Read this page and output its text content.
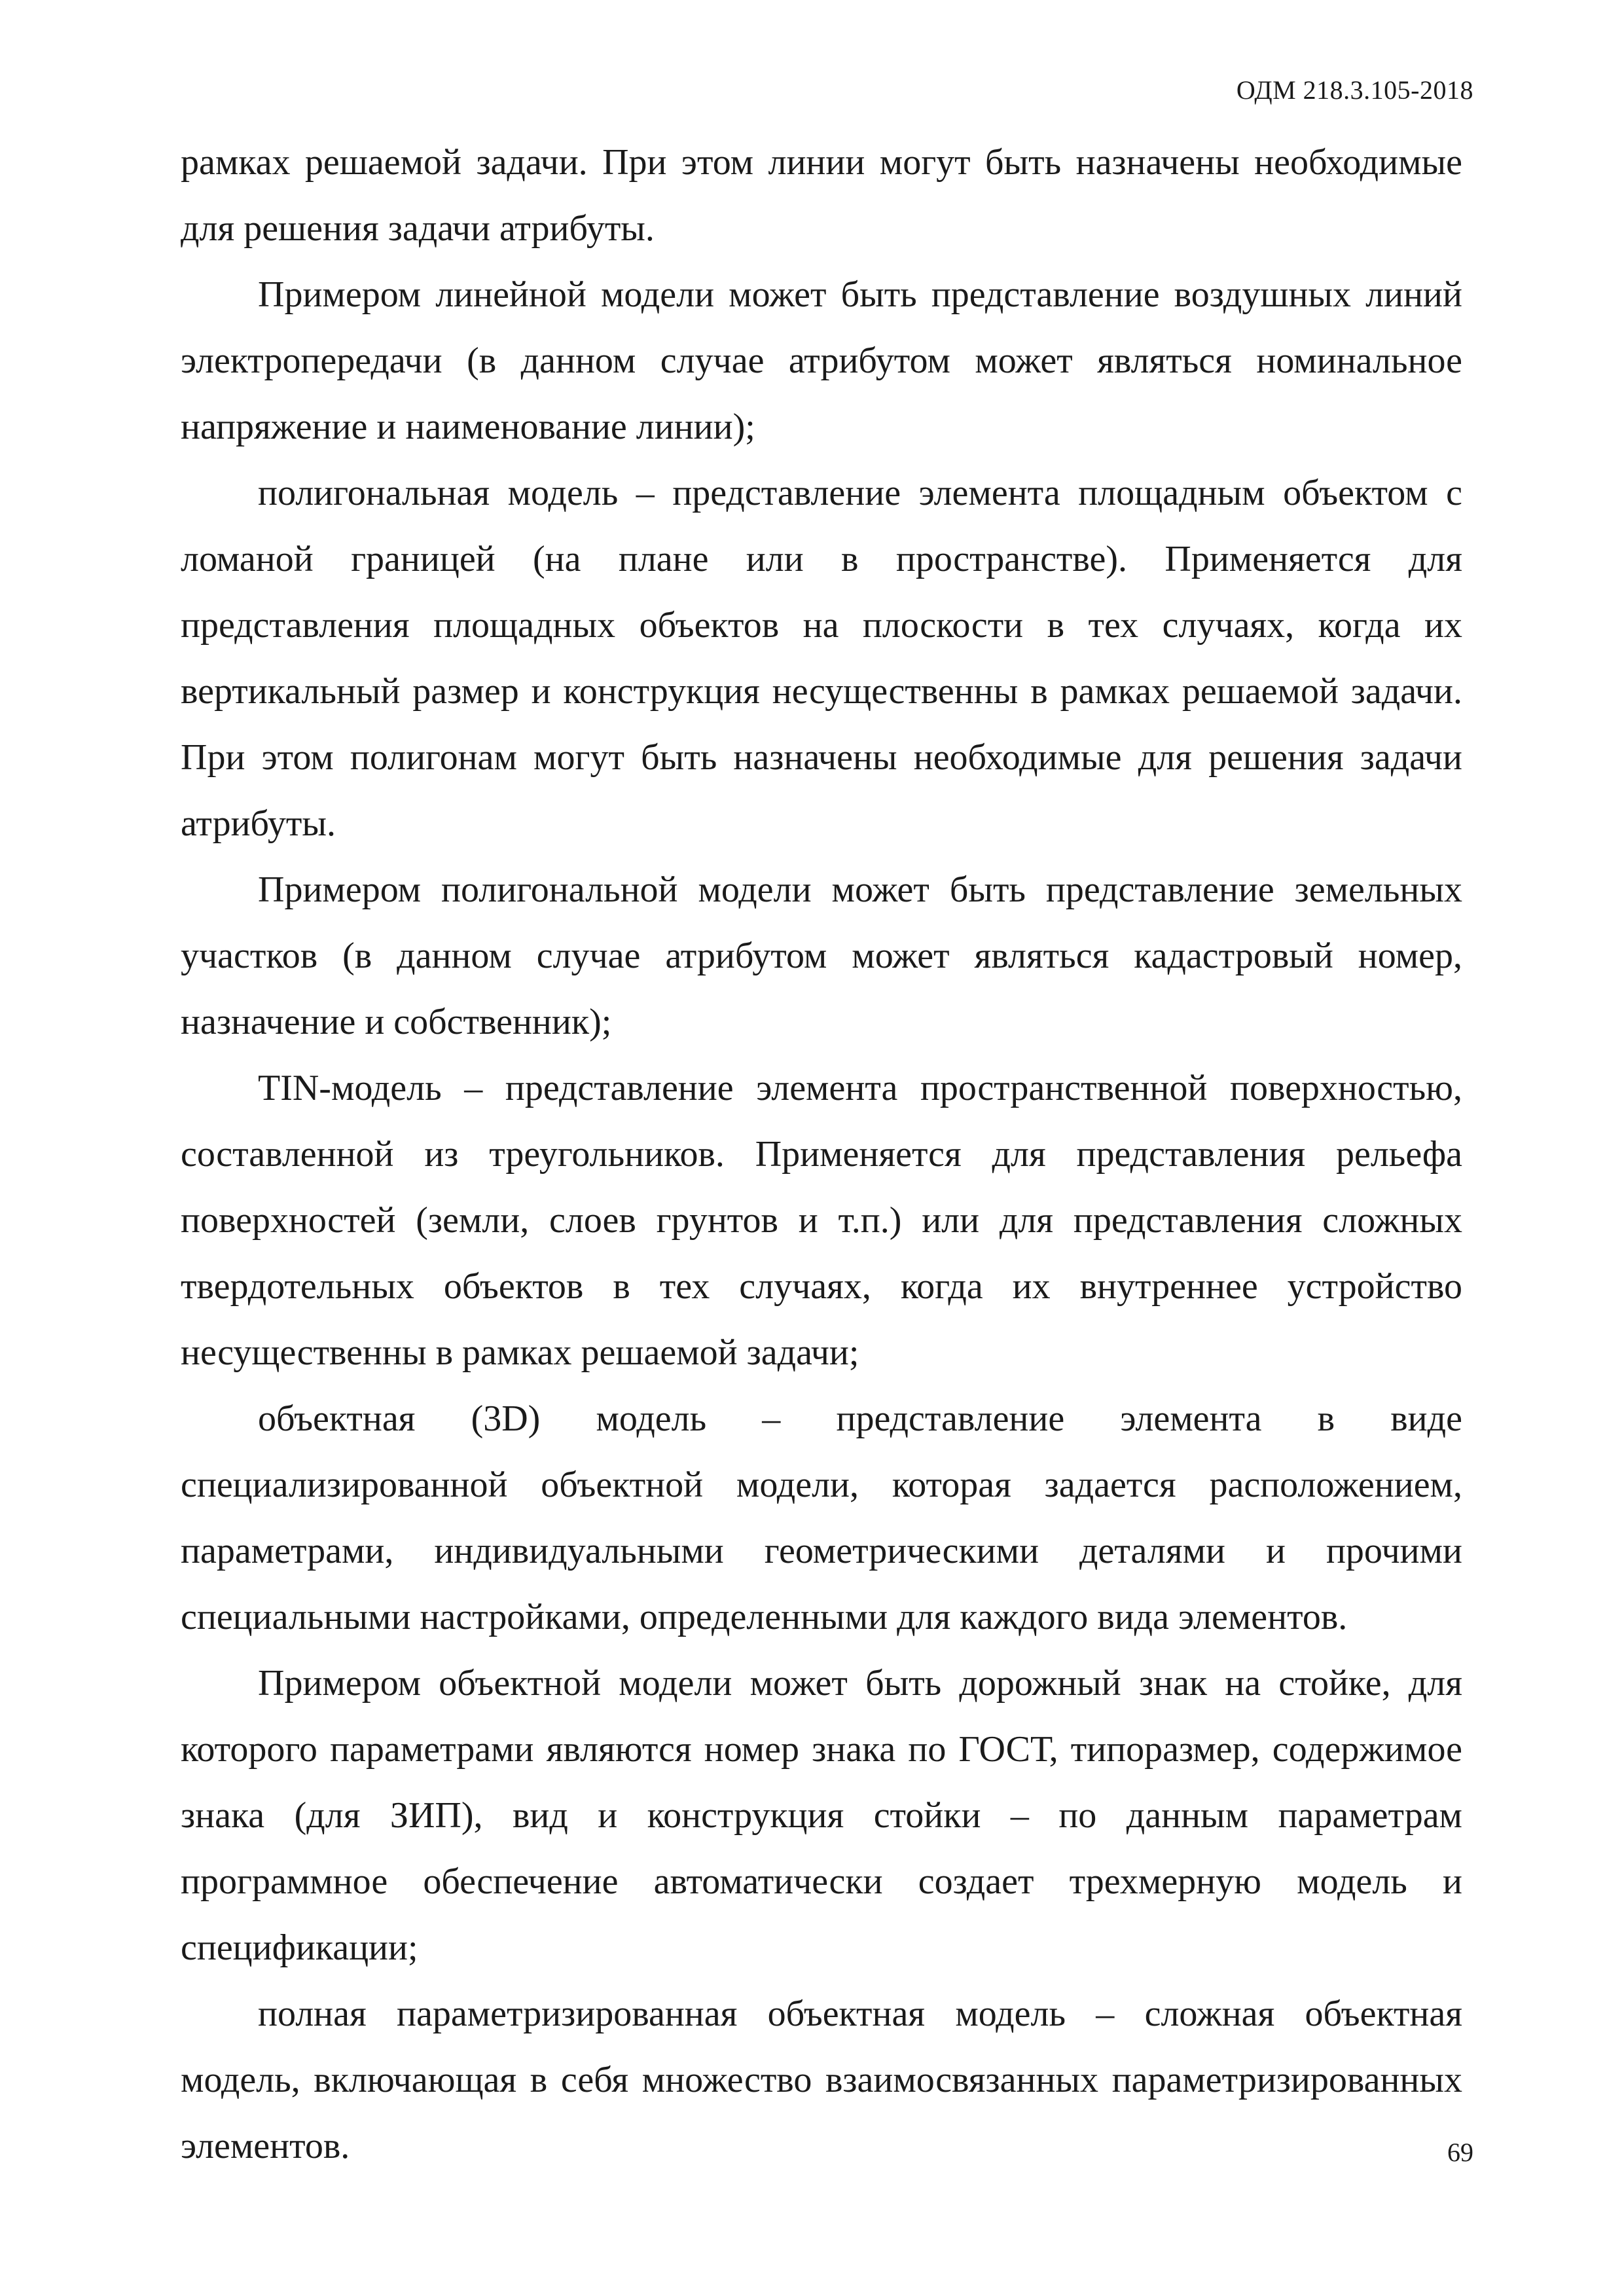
ОДМ 218.3.105-2018

рамках решаемой задачи. При этом линии могут быть назначены необходимые для решения задачи атрибуты.

Примером линейной модели может быть представление воздушных линий электропередачи (в данном случае атрибутом может являться номинальное напряжение и наименование линии);

полигональная модель – представление элемента площадным объектом с ломаной границей (на плане или в пространстве). Применяется для представления площадных объектов на плоскости в тех случаях, когда их вертикальный размер и конструкция несущественны в рамках решаемой задачи. При этом полигонам могут быть назначены необходимые для решения задачи атрибуты.

Примером полигональной модели может быть представление земельных участков (в данном случае атрибутом может являться кадастровый номер, назначение и собственник);

TIN-модель – представление элемента пространственной поверхностью, составленной из треугольников. Применяется для представления рельефа поверхностей (земли, слоев грунтов и т.п.) или для представления сложных твердотельных объектов в тех случаях, когда их внутреннее устройство несущественны в рамках решаемой задачи;

объектная (3D) модель – представление элемента в виде специализированной объектной модели, которая задается расположением, параметрами, индивидуальными геометрическими деталями и прочими специальными настройками, определенными для каждого вида элементов.

Примером объектной модели может быть дорожный знак на стойке, для которого параметрами являются номер знака по ГОСТ, типоразмер, содержимое знака (для ЗИП), вид и конструкция стойки – по данным параметрам программное обеспечение автоматически создает трехмерную модель и спецификации;

полная параметризированная объектная модель – сложная объектная модель, включающая в себя множество взаимосвязанных параметризированных элементов.	69
